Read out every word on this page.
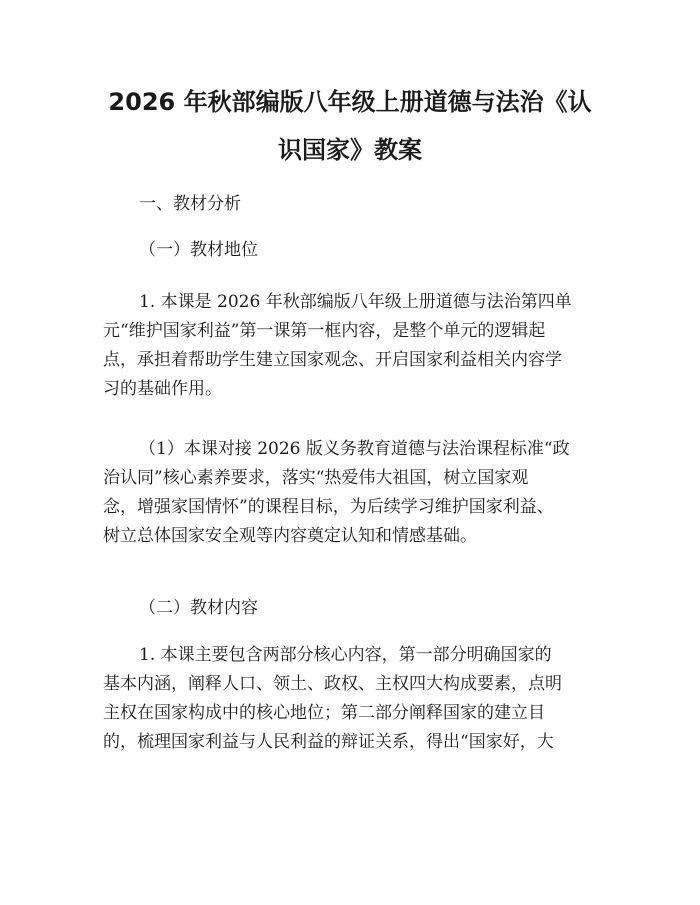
2026 年秋部编版八年级上册道德与法治《认
识国家》教案
一、教材分析
（一）教材地位
1. 本课是 2026 年秋部编版八年级上册道德与法治第四单
元“维护国家利益”第一课第一框内容，是整个单元的逻辑起
点，承担着帮助学生建立国家观念、开启国家利益相关内容学
习的基础作用。
（1）本课对接 2026 版义务教育道德与法治课程标准“政
治认同”核心素养要求，落实“热爱伟大祖国，树立国家观
念，增强家国情怀”的课程目标，为后续学习维护国家利益、
树立总体国家安全观等内容奠定认知和情感基础。
（二）教材内容
1. 本课主要包含两部分核心内容，第一部分明确国家的
基本内涵，阐释人口、领土、政权、主权四大构成要素，点明
主权在国家构成中的核心地位；第二部分阐释国家的建立目
的，梳理国家利益与人民利益的辩证关系，得出“国家好，大
